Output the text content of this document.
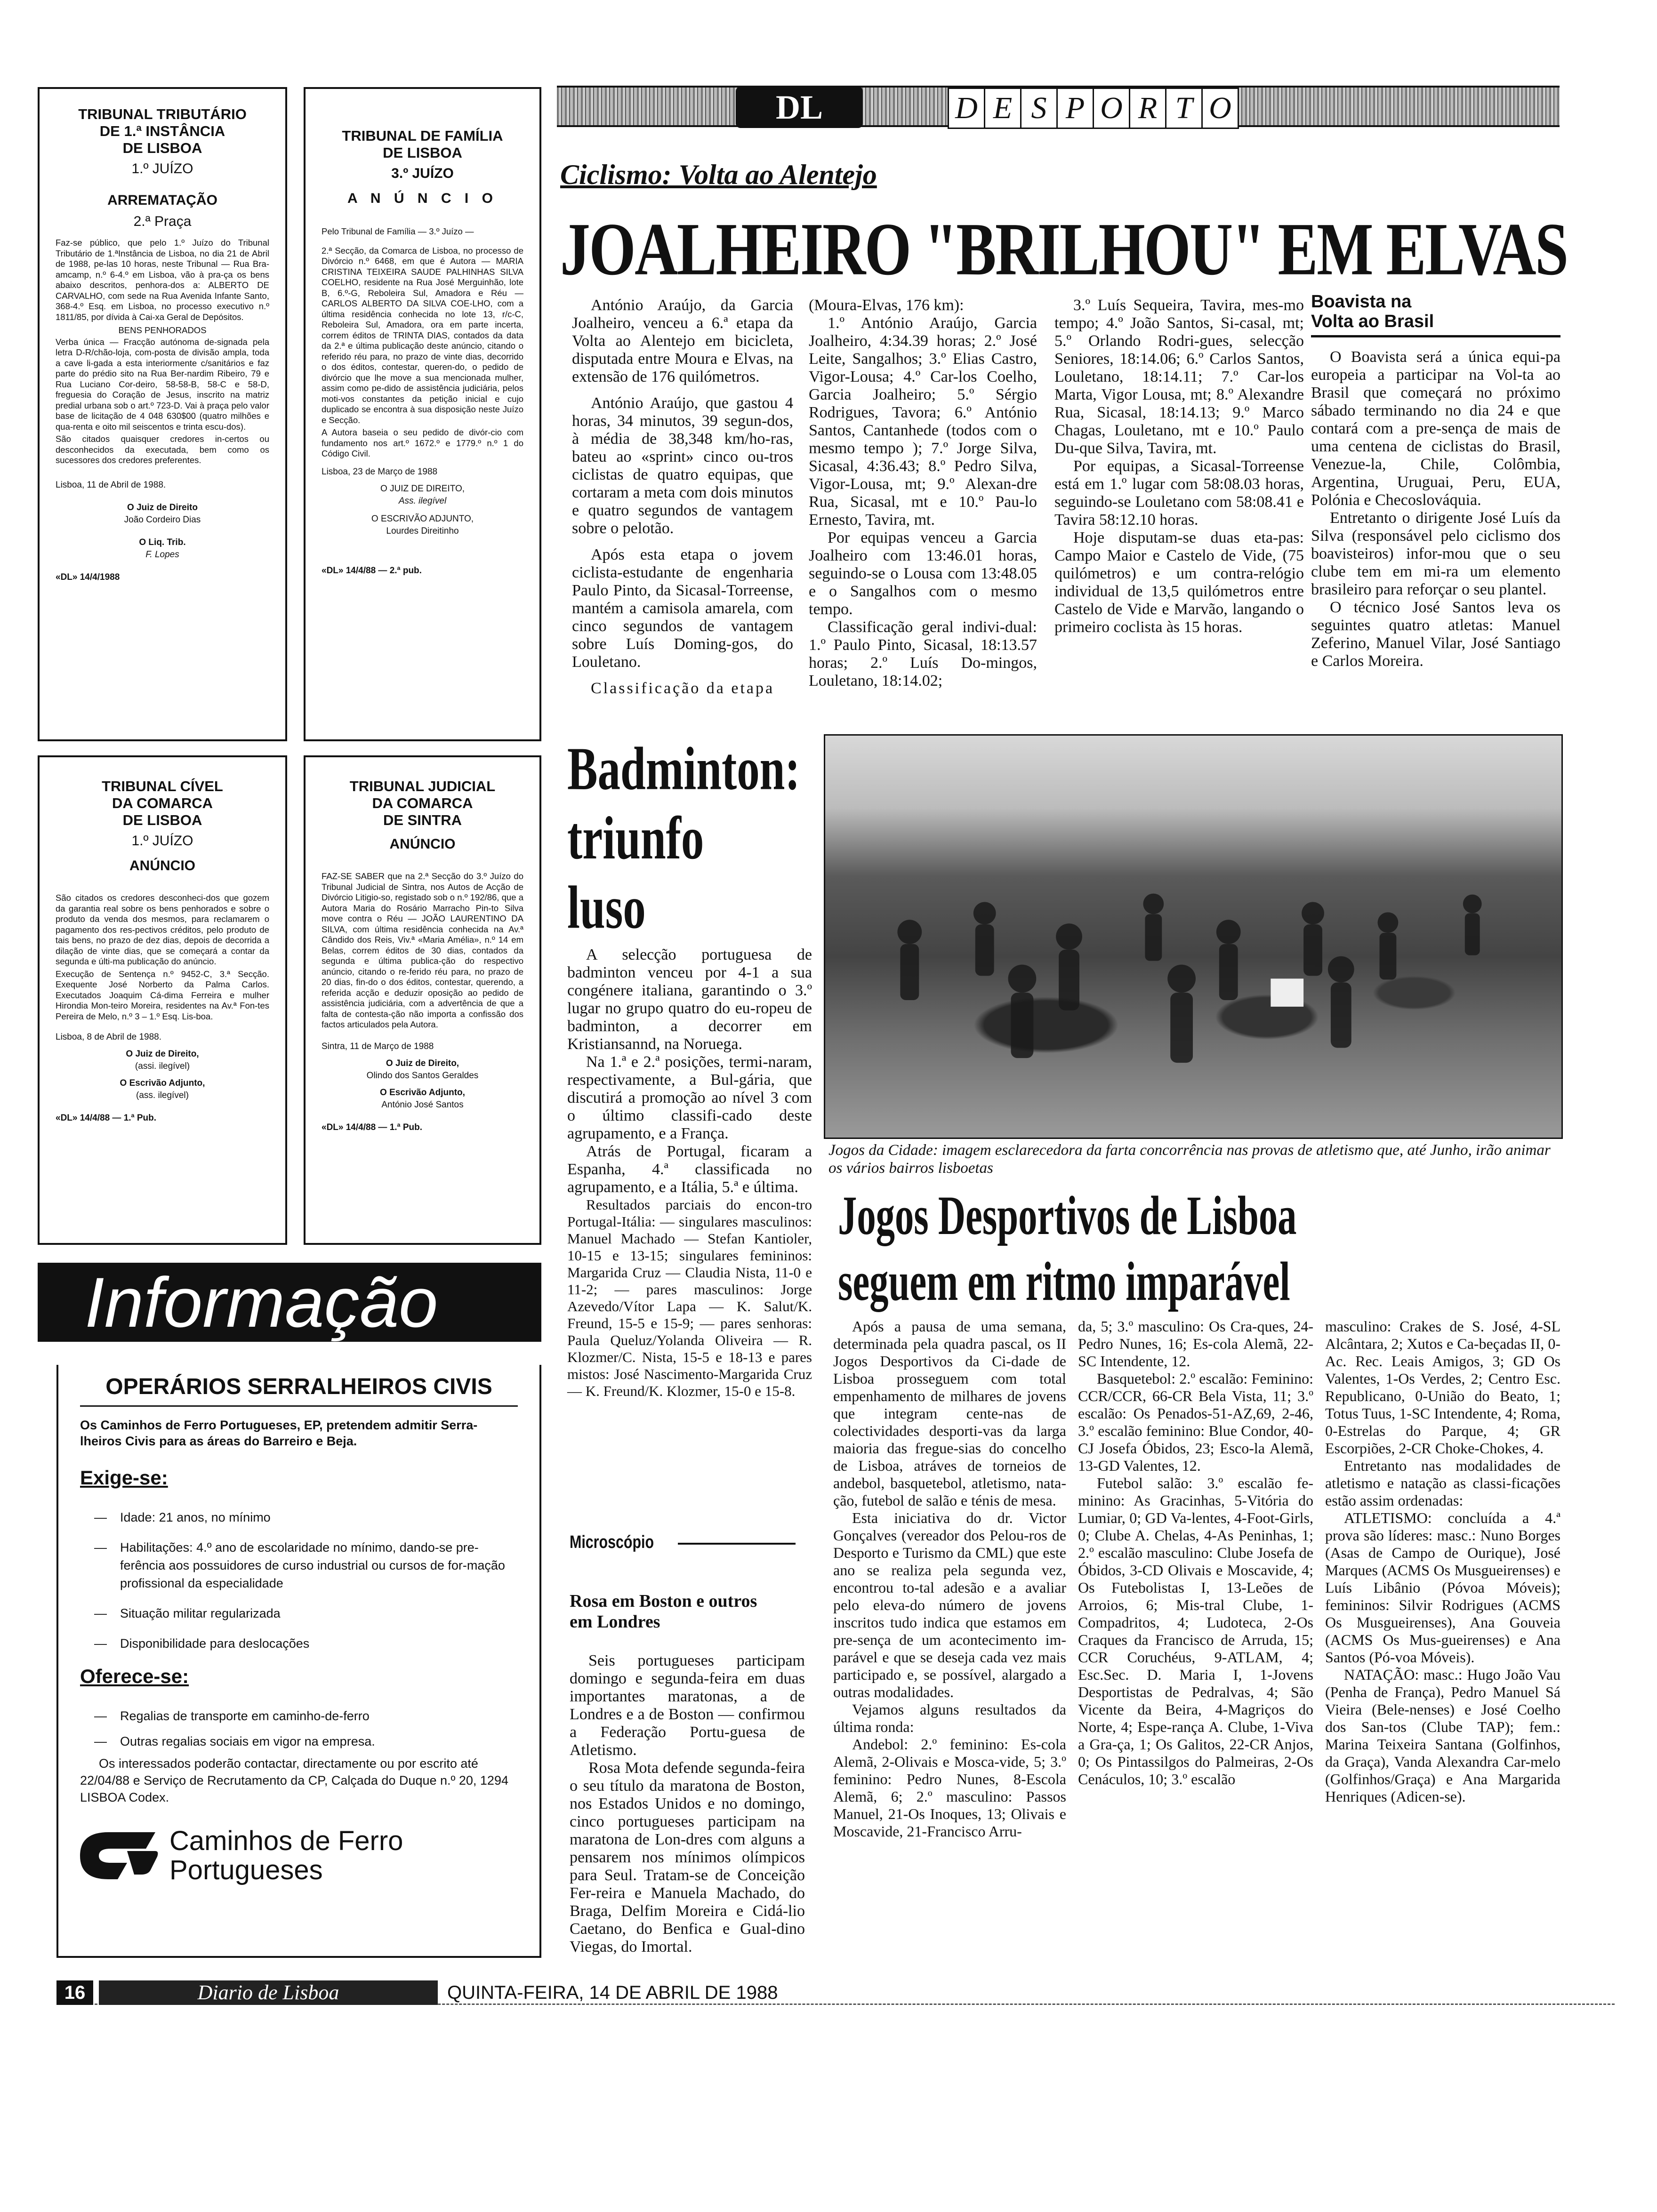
DL	D E S P O R T O
TRIBUNAL TRIBUTÁRIO
DE 1.ª INSTÂNCIA
DE LISBOA
1.º JUÍZO
ARREMATAÇÃO
2.ª Praça
Faz-se público, que pelo 1.º Juízo do Tribunal Tributário de 1.ªInstância de Lisboa, no dia 21 de Abril de 1988, pe-las 10 horas, neste Tribunal — Rua Bra-amcamp, n.º 6-4.º em Lisboa, vão à pra-ça os bens abaixo descritos, penhora-dos a: ALBERTO DE CARVALHO, com sede na Rua Avenida Infante Santo, 368-4.º Esq. em Lisboa, no processo executivo n.º 1811/85, por dívida à Cai-xa Geral de Depósitos.
BENS PENHORADOS
Verba única — Fracção autónoma de-signada pela letra D-R/chão-loja, com-posta de divisão ampla, toda a cave li-gada a esta interiormente c/sanitários e faz parte do prédio sito na Rua Ber-nardim Ribeiro, 79 e Rua Luciano Cor-deiro, 58-58-B, 58-C e 58-D, freguesia do Coração de Jesus, inscrito na matriz predial urbana sob o art.º 723-D. Vai à praça pelo valor base de licitação de 4 048 630$00 (quatro milhões e qua-renta e oito mil seiscentos e trinta escu-dos).
São citados quaisquer credores in-certos ou desconhecidos da executada, bem como os sucessores dos credores preferentes.
Lisboa, 11 de Abril de 1988.
O Juiz de Direito
João Cordeiro Dias
O Liq. Trib.
F. Lopes
«DL» 14/4/1988
TRIBUNAL DE FAMÍLIA
DE LISBOA
3.º JUÍZO
A N Ú N C I O
Pelo Tribunal de Família — 3.º Juízo —
2.ª Secção, da Comarca de Lisboa, no processo de Divórcio n.º 6468, em que é Autora — MARIA CRISTINA TEIXEIRA SAUDE PALHINHAS SILVA COELHO, residente na Rua José Merguinhão, lote B, 6.º-G, Reboleira Sul, Amadora e Réu — CARLOS ALBERTO DA SILVA COE-LHO, com a última residência conhecida no lote 13, r/c-C, Reboleira Sul, Amadora, ora em parte incerta, correm éditos de TRINTA DIAS, contados da data da 2.ª e última publicação deste anúncio, citando o referido réu para, no prazo de vinte dias, decorrido o dos éditos, contestar, queren-do, o pedido de divórcio que lhe move a sua mencionada mulher, assim como pe-dido de assistência judiciária, pelos moti-vos constantes da petição inicial e cujo duplicado se encontra à sua disposição neste Juízo e Secção.
A Autora baseia o seu pedido de divór-cio com fundamento nos art.º 1672.º e 1779.º n.º 1 do Código Civil.
Lisboa, 23 de Março de 1988
O JUIZ DE DIREITO,
Ass. ilegível
O ESCRIVÃO ADJUNTO,
Lourdes Direitinho
«DL» 14/4/88 — 2.ª pub.
TRIBUNAL CÍVEL
DA COMARCA
DE LISBOA
1.º JUÍZO
ANÚNCIO
São citados os credores desconheci-dos que gozem da garantia real sobre os bens penhorados e sobre o produto da venda dos mesmos, para reclamarem o pagamento dos res-pectivos créditos, pelo produto de tais bens, no prazo de dez dias, depois de decorrida a dilação de vinte dias, que se começará a contar da segunda e últi-ma publicação do anúncio.
Execução de Sentença n.º 9452-C, 3.ª Secção. Exequente José Norberto da Palma Carlos. Executados Joaquim Cá-dima Ferreira e mulher Hirondia Mon-teiro Moreira, residentes na Av.ª Fon-tes Pereira de Melo, n.º 3 – 1.º Esq. Lis-boa.
Lisboa, 8 de Abril de 1988.
O Juiz de Direito,
(assi. ilegível)
O Escrivão Adjunto,
(ass. ilegível)
«DL» 14/4/88 — 1.ª Pub.
TRIBUNAL JUDICIAL
DA COMARCA
DE SINTRA
ANÚNCIO
FAZ-SE SABER que na 2.ª Secção do 3.º Juízo do Tribunal Judicial de Sintra, nos Autos de Acção de Divórcio Litigio-so, registado sob o n.º 192/86, que a Autora Maria do Rosário Marracho Pin-to Silva move contra o Réu — JOÃO LAURENTINO DA SILVA, com última residência conhecida na Av.ª Cândido dos Reis, Viv.ª «Maria Amélia», n.º 14 em Belas, correm éditos de 30 dias, contados da segunda e última publica-ção do respectivo anúncio, citando o re-ferido réu para, no prazo de 20 dias, fin-do o dos éditos, contestar, querendo, a referida acção e deduzir oposição ao pedido de assistência judiciária, com a advertência de que a falta de contesta-ção não importa a confissão dos factos articulados pela Autora.
Sintra, 11 de Março de 1988
O Juiz de Direito,
Olindo dos Santos Geraldes
O Escrivão Adjunto,
António José Santos
«DL» 14/4/88 — 1.ª Pub.
Informação
OPERÁRIOS SERRALHEIROS CIVIS
Os Caminhos de Ferro Portugueses, EP, pretendem admitir Serra-lheiros Civis para as áreas do Barreiro e Beja.
Exige-se:
—	Idade: 21 anos, no mínimo
—	Habilitações: 4.º ano de escolaridade no mínimo, dando-se pre-ferência aos possuidores de curso industrial ou cursos de for-mação profissional da especialidade
—	Situação militar regularizada
—	Disponibilidade para deslocações
Oferece-se:
—	Regalias de transporte em caminho-de-ferro
—	Outras regalias sociais em vigor na empresa.
Os interessados poderão contactar, directamente ou por escrito até 22/04/88 e Serviço de Recrutamento da CP, Calçada do Duque n.º 20, 1294 LISBOA Codex.
Caminhos de Ferro
Portugueses
Ciclismo: Volta ao Alentejo
JOALHEIRO "BRILHOU" EM ELVAS

António Araújo, da Garcia Joalheiro, venceu a 6.ª etapa da Volta ao Alentejo em bicicleta, disputada entre Moura e Elvas, na extensão de 176 quilómetros.

António Araújo, que gastou 4 horas, 34 minutos, 39 segun-dos, à média de 38,348 km/ho-ras, bateu ao «sprint» cinco ou-tros ciclistas de quatro equipas, que cortaram a meta com dois minutos e quatro segundos de vantagem sobre o pelotão.

Após esta etapa o jovem ciclista-estudante de engenharia Paulo Pinto, da Sicasal-Torreense, mantém a camisola amarela, com cinco segundos de vantagem sobre Luís Doming-gos, do Louletano.

Classificação da etapa

(Moura-Elvas, 176 km):

1.º António Araújo, Garcia Joalheiro, 4:34.39 horas; 2.º José Leite, Sangalhos; 3.º Elias Castro, Vigor-Lousa; 4.º Car-los Coelho, Garcia Joalheiro; 5.º Sérgio Rodrigues, Tavora; 6.º António Santos, Cantanhede (todos com o mesmo tempo ); 7.º Jorge Silva, Sicasal, 4:36.43; 8.º Pedro Silva, Vigor-Lousa, mt; 9.º Alexan-dre Rua, Sicasal, mt e 10.º Pau-lo Ernesto, Tavira, mt.

Por equipas venceu a Garcia Joalheiro com 13:46.01 horas, seguindo-se o Lousa com 13:48.05 e o Sangalhos com o mesmo tempo.

Classificação geral indivi-dual: 1.º Paulo Pinto, Sicasal, 18:13.57 horas; 2.º Luís Do-mingos, Louletano, 18:14.02;

3.º Luís Sequeira, Tavira, mes-mo tempo; 4.º João Santos, Si-casal, mt; 5.º Orlando Rodri-gues, selecção Seniores, 18:14.06; 6.º Carlos Santos, Louletano, 18:14.11; 7.º Car-los Marta, Vigor Lousa, mt; 8.º Alexandre Rua, Sicasal, 18:14.13; 9.º Marco Chagas, Louletano, mt e 10.º Paulo Du-que Silva, Tavira, mt.

Por equipas, a Sicasal-Torreense está em 1.º lugar com 58:08.03 horas, seguindo-se Louletano com 58:08.41 e Tavira 58:12.10 horas.

Hoje disputam-se duas eta-pas: Campo Maior e Castelo de Vide, (75 quilómetros) e um contra-relógio individual de 13,5 quilómetros entre Castelo de Vide e Marvão, langando o primeiro coclista às 15 horas.

Boavista na Volta ao Brasil

O Boavista será a única equi-pa europeia a participar na Vol-ta ao Brasil que começará no próximo sábado terminando no dia 24 e que contará com a pre-sença de mais de uma centena de ciclistas do Brasil, Venezue-la, Chile, Colômbia, Argentina, Uruguai, Peru, EUA, Polónia e Checoslováquia.

Entretanto o dirigente José Luís da Silva (responsável pelo ciclismo dos boavisteiros) infor-mou que o seu clube tem em mi-ra um elemento brasileiro para reforçar o seu plantel.

O técnico José Santos leva os seguintes quatro atletas: Manuel Zeferino, Manuel Vilar, José Santiago e Carlos Moreira.

Badminton: triunfo luso

A selecção portuguesa de badminton venceu por 4-1 a sua congénere italiana, garantindo o 3.º lugar no grupo quatro do eu-ropeu de badminton, a decorrer em Kristiansannd, na Noruega.

Na 1.ª e 2.ª posições, termi-naram, respectivamente, a Bul-gária, que discutirá a promoção ao nível 3 com o último classifi-cado deste agrupamento, e a França.

Atrás de Portugal, ficaram a Espanha, 4.ª classificada no agrupamento, e a Itália, 5.ª e última.

Resultados parciais do encon-tro Portugal-Itália: — singulares masculinos: Manuel Machado — Stefan Kantioler, 10-15 e 13-15; singulares femininos: Margarida Cruz — Claudia Nista, 11-0 e 11-2; — pares masculinos: Jorge Azevedo/Vítor Lapa — K. Salut/K. Freund, 15-5 e 15-9; — pares senhoras: Paula Queluz/Yolanda Oliveira — R. Klozmer/C. Nista, 15-5 e 18-13 e pares mistos: José Nascimento-Margarida Cruz — K. Freund/K. Klozmer, 15-0 e 15-8.

Microscópio
Rosa em Boston e outros em Londres

Seis portugueses participam domingo e segunda-feira em duas importantes maratonas, a de Londres e a de Boston — confirmou a Federação Portu-guesa de Atletismo.

Rosa Mota defende segunda-feira o seu título da maratona de Boston, nos Estados Unidos e no domingo, cinco portugueses participam na maratona de Lon-dres com alguns a pensarem nos mínimos olímpicos para Seul. Tratam-se de Conceição Fer-reira e Manuela Machado, do Braga, Delfim Moreira e Cidá-lio Caetano, do Benfica e Gual-dino Viegas, do Imortal.

Jogos da Cidade: imagem esclarecedora da farta concorrência nas provas de atletismo que, até Junho, irão animar os vários bairros lisboetas
Jogos Desportivos de Lisboa
seguem em ritmo imparável

Após a pausa de uma semana, determinada pela quadra pascal, os II Jogos Desportivos da Ci-dade de Lisboa prosseguem com total empenhamento de milhares de jovens que integram cente-nas de colectividades desporti-vas da larga maioria das fregue-sias do concelho de Lisboa, atráves de torneios de andebol, basquetebol, atletismo, nata-ção, futebol de salão e ténis de mesa.

Esta iniciativa do dr. Victor Gonçalves (vereador dos Pelou-ros de Desporto e Turismo da CML) que este ano se realiza pela segunda vez, encontrou to-tal adesão e a avaliar pelo eleva-do número de jovens inscritos tudo indica que estamos em pre-sença de um acontecimento im-parável e que se deseja cada vez mais participado e, se possível, alargado a outras modalidades.

Vejamos alguns resultados da última ronda:

Andebol: 2.º feminino: Es-cola Alemã, 2-Olivais e Mosca-vide, 5; 3.º feminino: Pedro Nunes, 8-Escola Alemã, 6; 2.º masculino: Passos Manuel, 21-Os Inoques, 13; Olivais e Moscavide, 21-Francisco Arru-

da, 5; 3.º masculino: Os Cra-ques, 24-Pedro Nunes, 16; Es-cola Alemã, 22-SC Intendente, 12.

Basquetebol: 2.º escalão: Feminino: CCR/CCR, 66-CR Bela Vista, 11; 3.º escalão: Os Penados-51-AZ,69, 2-46, 3.º escalão feminino: Blue Condor, 40-CJ Josefa Óbidos, 23; Esco-la Alemã, 13-GD Valentes, 12.

Futebol salão: 3.º escalão fe-minino: As Gracinhas, 5-Vitória do Lumiar, 0; GD Va-lentes, 4-Foot-Girls, 0; Clube A. Chelas, 4-As Peninhas, 1; 2.º escalão masculino: Clube Josefa de Óbidos, 3-CD Olivais e Moscavide, 4; Os Futebolistas I, 13-Leões de Arroios, 6; Mis-tral Clube, 1-Compadritos, 4; Ludoteca, 2-Os Craques da Francisco de Arruda, 15; CCR Coruchéus, 9-ATLAM, 4; Esc.Sec. D. Maria I, 1-Jovens Desportistas de Pedralvas, 4; São Vicente da Beira, 4-Magriços do Norte, 4; Espe-rança A. Clube, 1-Viva a Gra-ça, 1; Os Galitos, 22-CR Anjos, 0; Os Pintassilgos do Palmeiras, 2-Os Cenáculos, 10; 3.º escalão

masculino: Crakes de S. José, 4-SL Alcântara, 2; Xutos e Ca-beçadas II, 0-Ac. Rec. Leais Amigos, 3; GD Os Valentes, 1-Os Verdes, 2; Centro Esc. Republicano, 0-União do Beato, 1; Totus Tuus, 1-SC Intendente, 4; Roma, 0-Estrelas do Parque, 4; GR Escorpiões, 2-CR Choke-Chokes, 4.

Entretanto nas modalidades de atletismo e natação as classi-ficações estão assim ordenadas:

ATLETISMO: concluída a 4.ª prova são líderes: masc.: Nuno Borges (Asas de Campo de Ourique), José Marques (ACMS Os Musgueirenses) e Luís Libânio (Póvoa Móveis); femininos: Silvir Rodrigues (ACMS Os Musgueirenses), Ana Gouveia (ACMS Os Mus-gueirenses) e Ana Santos (Pó-voa Móveis).

NATAÇÃO: masc.: Hugo João Vau (Penha de França), Pedro Manuel Sá Vieira (Bele-nenses) e José Coelho dos San-tos (Clube TAP); fem.: Marina Teixeira Santana (Golfinhos, da Graça), Vanda Alexandra Car-melo (Golfinhos/Graça) e Ana Margarida Henriques (Adicen-se).

16	Diario de Lisboa	QUINTA-FEIRA, 14 DE ABRIL DE 1988
